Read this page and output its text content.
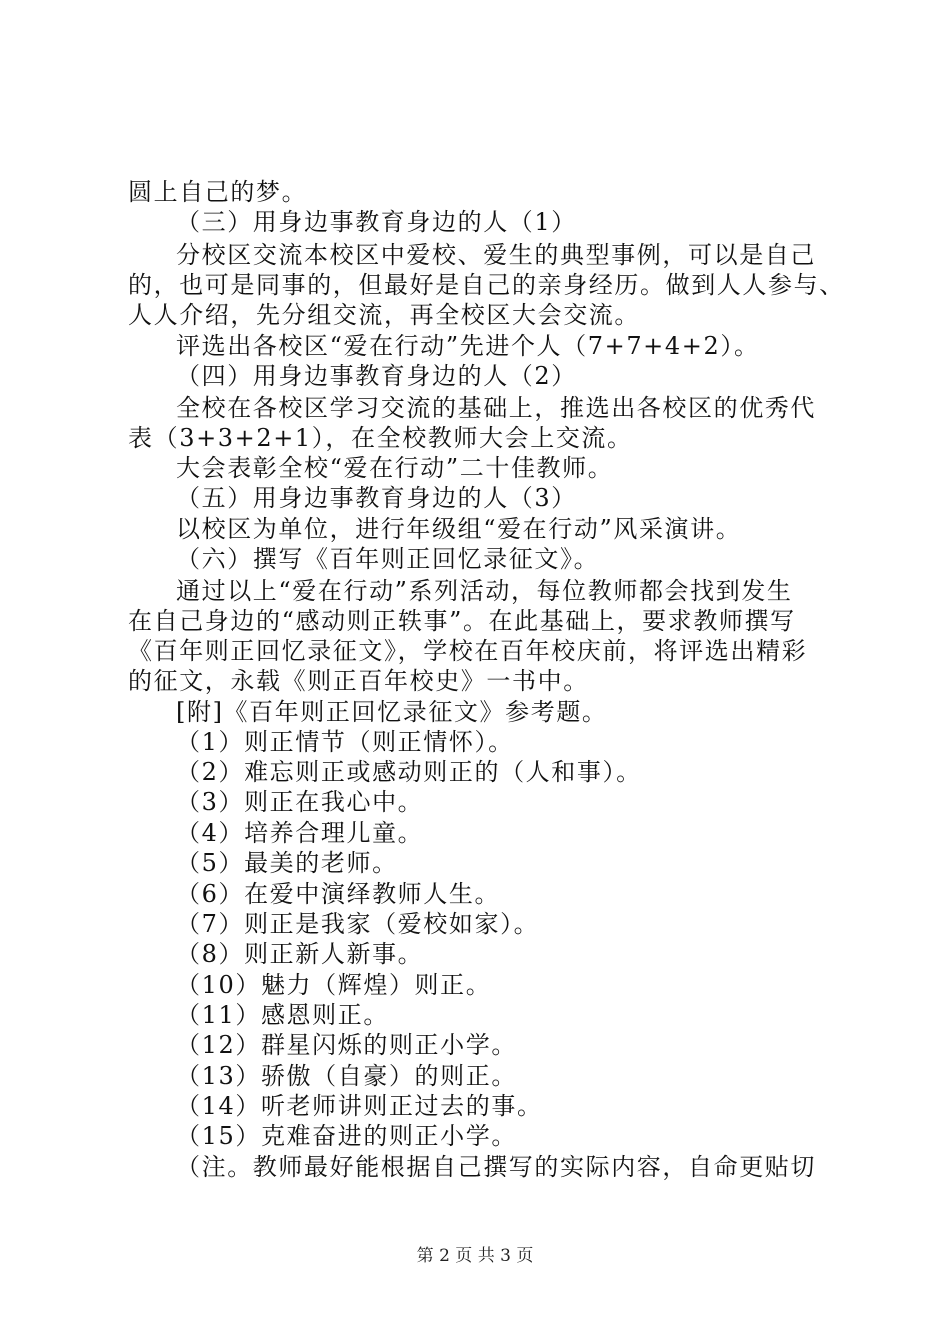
圆上自己的梦。
（三）用身边事教育身边的人（1）
分校区交流本校区中爱校、爱生的典型事例，可以是自己
的，也可是同事的，但最好是自己的亲身经历。做到人人参与、
人人介绍，先分组交流，再全校区大会交流。
评选出各校区“爱在行动”先进个人（7+7+4+2）。
（四）用身边事教育身边的人（2）
全校在各校区学习交流的基础上，推选出各校区的优秀代
表（3+3+2+1），在全校教师大会上交流。
大会表彰全校“爱在行动”二十佳教师。
（五）用身边事教育身边的人（3）
以校区为单位，进行年级组“爱在行动”风采演讲。
（六）撰写《百年则正回忆录征文》。
通过以上“爱在行动”系列活动，每位教师都会找到发生
在自己身边的“感动则正轶事”。在此基础上，要求教师撰写
《百年则正回忆录征文》，学校在百年校庆前，将评选出精彩
的征文，永载《则正百年校史》一书中。
[附]《百年则正回忆录征文》参考题。
（1）则正情节（则正情怀）。
（2）难忘则正或感动则正的（人和事）。
（3）则正在我心中。
（4）培养合理儿童。
（5）最美的老师。
（6）在爱中演绎教师人生。
（7）则正是我家（爱校如家）。
（8）则正新人新事。
（10）魅力（辉煌）则正。
（11）感恩则正。
（12）群星闪烁的则正小学。
（13）骄傲（自豪）的则正。
（14）听老师讲则正过去的事。
（15）克难奋进的则正小学。
（注。教师最好能根据自己撰写的实际内容，自命更贴切
第 2 页 共 3 页
